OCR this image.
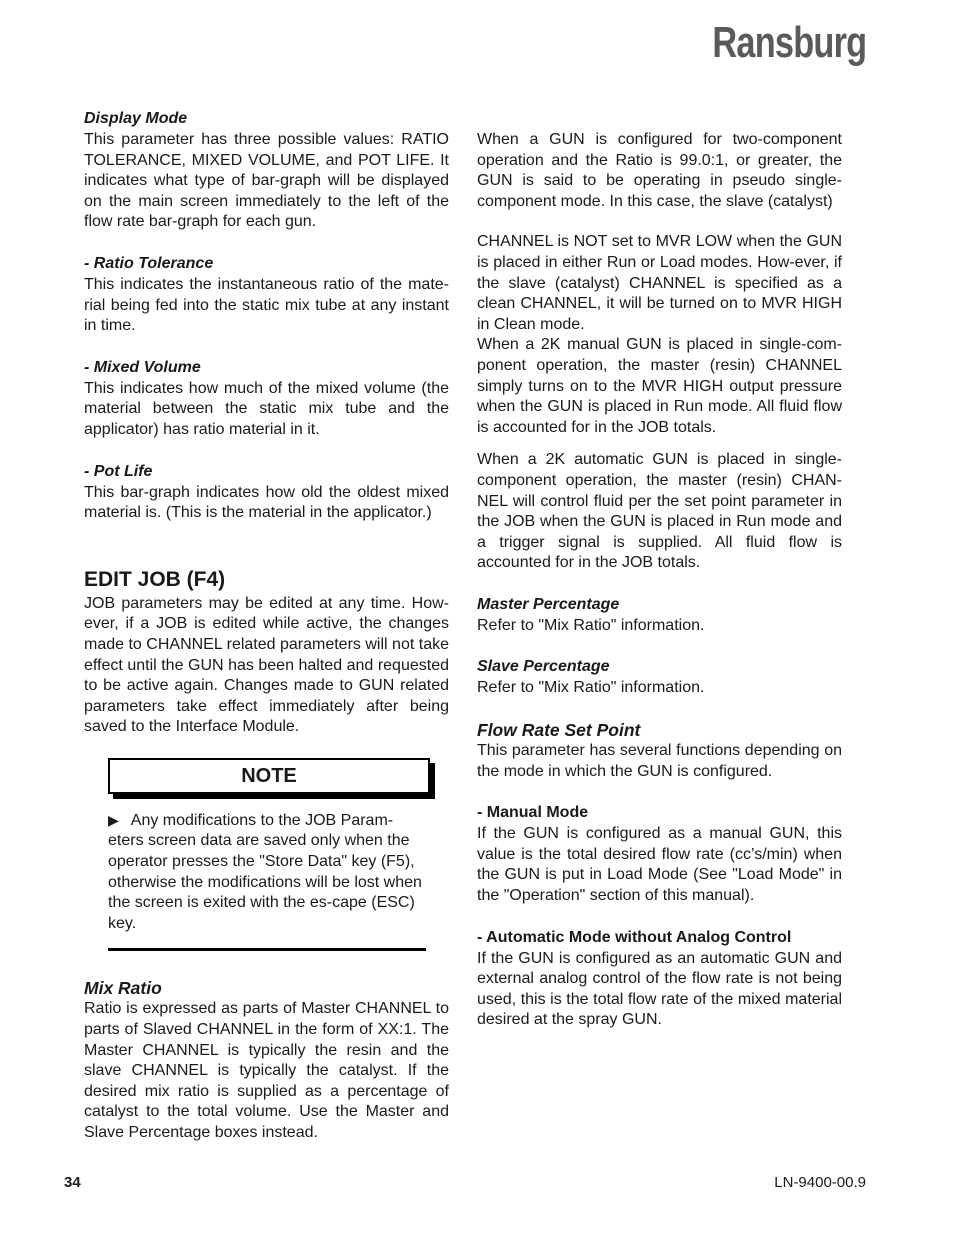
Ransburg
Display Mode

This parameter has three possible values: RATIO TOLERANCE, MIXED VOLUME, and POT LIFE. It indicates what type of bar-graph will be displayed on the main screen immediately to the left of the flow rate bar-graph for each gun.

- Ratio Tolerance

This indicates the instantaneous ratio of the mate-rial being fed into the static mix tube at any instant in time.

- Mixed Volume

This indicates how much of the mixed volume (the material between the static mix tube and the applicator) has ratio material in it.

- Pot Life

This bar-graph indicates how old the oldest mixed material is. (This is the material in the applicator.)

EDIT JOB (F4)

JOB parameters may be edited at any time. How-ever, if a JOB is edited while active, the changes made to CHANNEL related parameters will not take effect until the GUN has been halted and requested to be active again. Changes made to GUN related parameters take effect immediately after being saved to the Interface Module.

NOTE
▶ Any modifications to the JOB Param-eters screen data are saved only when the operator presses the "Store Data" key (F5), otherwise the modifications will be lost when the screen is exited with the es-cape (ESC) key.
Mix Ratio

Ratio is expressed as parts of Master CHANNEL to parts of Slaved CHANNEL in the form of XX:1. The Master CHANNEL is typically the resin and the slave CHANNEL is typically the catalyst. If the desired mix ratio is supplied as a percentage of catalyst to the total volume. Use the Master and Slave Percentage boxes instead.

When a GUN is configured for two-component operation and the Ratio is 99.0:1, or greater, the GUN is said to be operating in pseudo single-component mode. In this case, the slave (catalyst)

CHANNEL is NOT set to MVR LOW when the GUN is placed in either Run or Load modes. How-ever, if the slave (catalyst) CHANNEL is specified as a clean CHANNEL, it will be turned on to MVR HIGH in Clean mode.

When a 2K manual GUN is placed in single-com-ponent operation, the master (resin) CHANNEL simply turns on to the MVR HIGH output pressure when the GUN is placed in Run mode. All fluid flow is accounted for in the JOB totals.

When a 2K automatic GUN is placed in single-component operation, the master (resin) CHAN-NEL will control fluid per the set point parameter in the JOB when the GUN is placed in Run mode and a trigger signal is supplied. All fluid flow is accounted for in the JOB totals.

Master Percentage

Refer to "Mix Ratio" information.

Slave Percentage

Refer to "Mix Ratio" information.

Flow Rate Set Point

This parameter has several functions depending on the mode in which the GUN is configured.

- Manual Mode

If the GUN is configured as a manual GUN, this value is the total desired flow rate (cc’s/min) when the GUN is put in Load Mode (See "Load Mode" in the "Operation" section of this manual).

- Automatic Mode without Analog Control

If the GUN is configured as an automatic GUN and external analog control of the flow rate is not being used, this is the total flow rate of the mixed material desired at the spray GUN.

34	LN-9400-00.9
